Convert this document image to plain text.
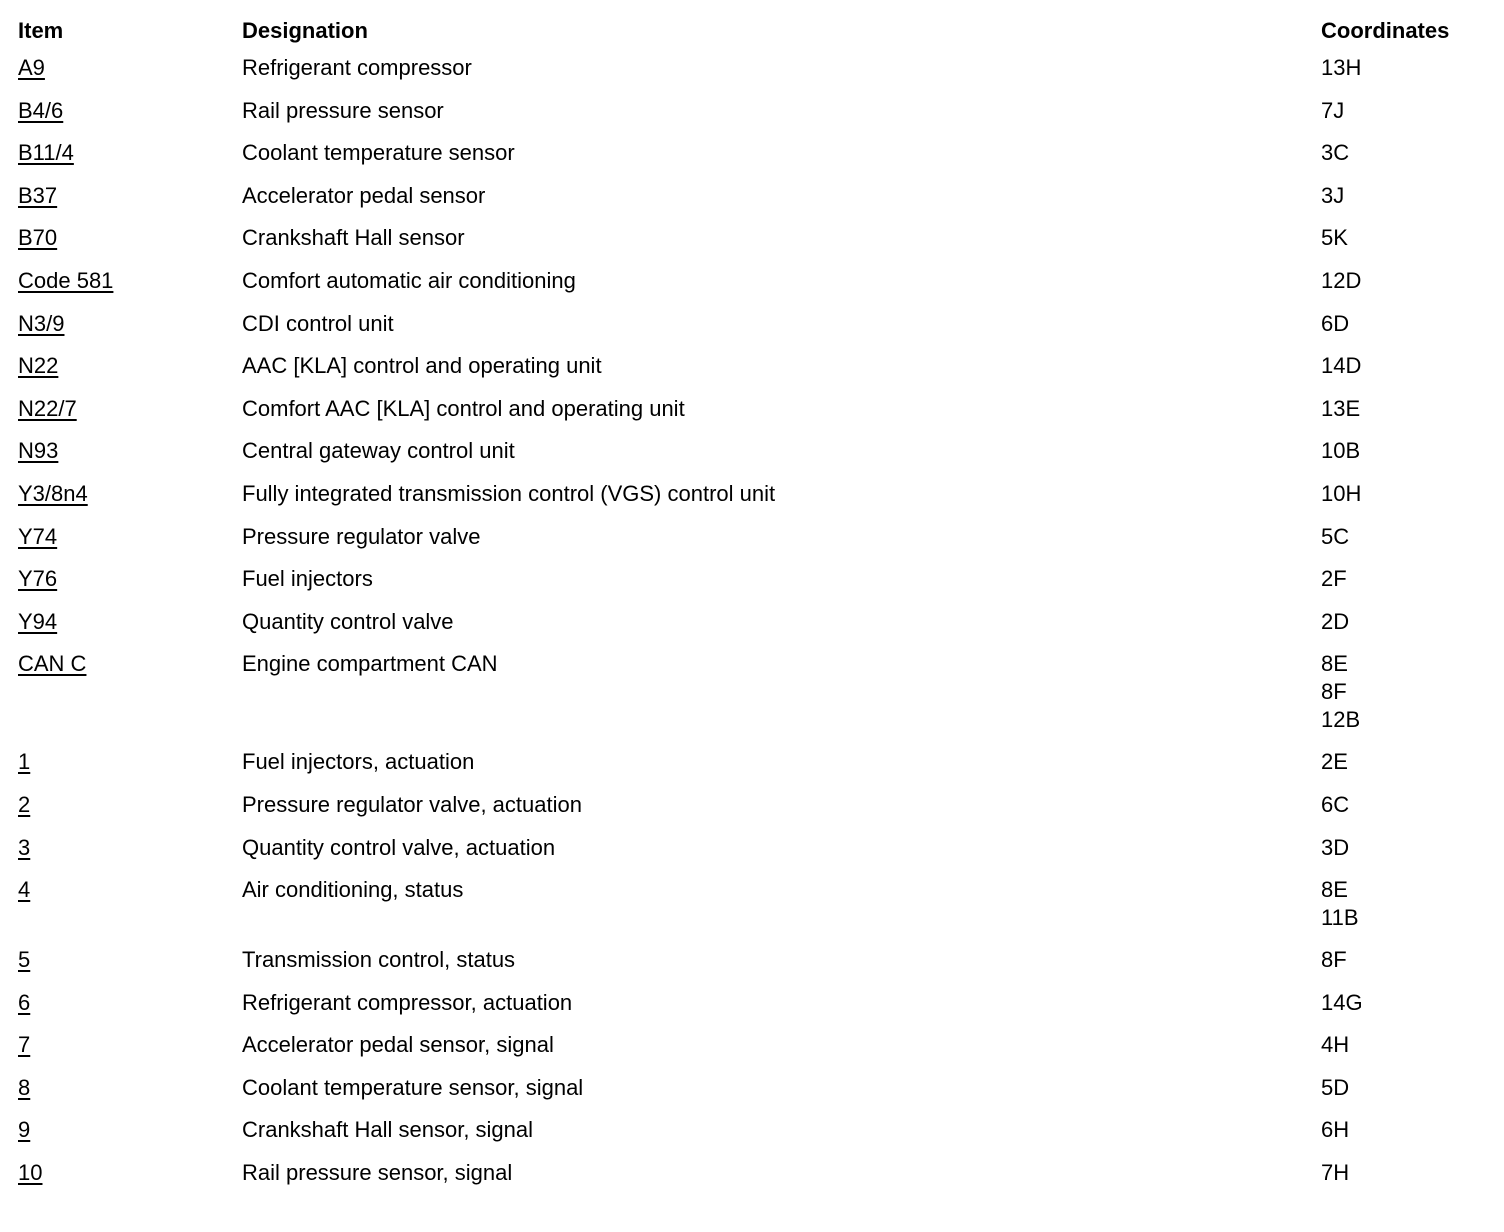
Item	Designation	Coordinates
A9	Refrigerant compressor	13H
B4/6	Rail pressure sensor	7J
B11/4	Coolant temperature sensor	3C
B37	Accelerator pedal sensor	3J
B70	Crankshaft Hall sensor	5K
Code 581	Comfort automatic air conditioning	12D
N3/9	CDI control unit	6D
N22	AAC [KLA] control and operating unit	14D
N22/7	Comfort AAC [KLA] control and operating unit	13E
N93	Central gateway control unit	10B
Y3/8n4	Fully integrated transmission control (VGS) control unit	10H
Y74	Pressure regulator valve	5C
Y76	Fuel injectors	2F
Y94	Quantity control valve	2D
CAN C	Engine compartment CAN	8E
8F
12B
1	Fuel injectors, actuation	2E
2	Pressure regulator valve, actuation	6C
3	Quantity control valve, actuation	3D
4	Air conditioning, status	8E
11B
5	Transmission control, status	8F
6	Refrigerant compressor, actuation	14G
7	Accelerator pedal sensor, signal	4H
8	Coolant temperature sensor, signal	5D
9	Crankshaft Hall sensor, signal	6H
10	Rail pressure sensor, signal	7H
